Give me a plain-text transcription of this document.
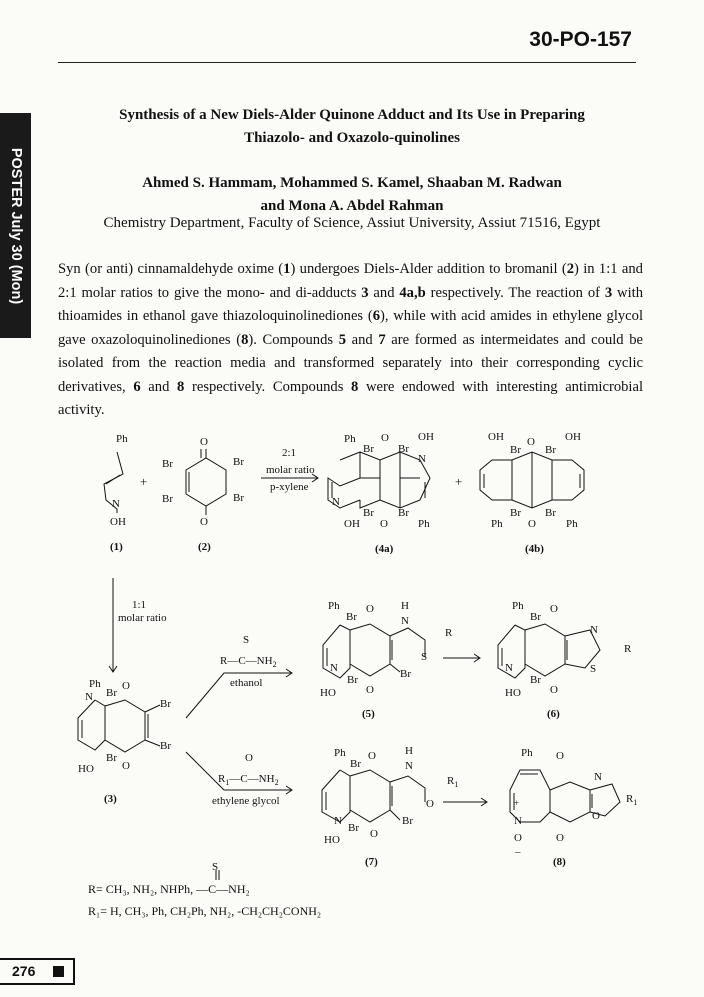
30-PO-157
POSTER July 30 (Mon)
Synthesis of a New Diels-Alder Quinone Adduct and Its Use in Preparing
Thiazolo- and Oxazolo-quinolines
Ahmed S. Hammam, Mohammed S. Kamel, Shaaban M. Radwan
and Mona A. Abdel Rahman
Chemistry Department, Faculty of Science, Assiut University, Assiut 71516, Egypt
Syn (or anti) cinnamaldehyde oxime (1) undergoes Diels-Alder addition to bromanil (2) in 1:1 and 2:1 molar ratios to give the mono- and di-adducts 3 and 4a,b respectively. The reaction of 3 with thioamides in ethanol gave thiazoloquinolinediones (6), while with acid amides in ethylene glycol gave oxazoloquinolinediones (8). Compounds 5 and 7 are formed as intermeidates and could be isolated from the reaction media and transformed separately into their corresponding cyclic derivatives, 6 and 8 respectively. Compounds 8 were endowed with interesting antimicrobial activity.
Ph
N
OH
+
(1)
O
O
Br	Br
Br	Br
(2)
2:1
molar ratio
p-xylene
Ph
Br
O
Br
OH
N
N
Br Br
OH O	Ph
(4a)
+
OH O	OH
Br Br
Br Br
Ph O	Ph
(4b)
1:1
molar ratio
Ph
N Br
O
Br
Br
Br
O
HO
(3)
S
$R—C—NH_2$
ethanol
O
$R_1—C—NH_2$
ethylene glycol
Ph
Br
O H
N
R
S
Br
N
Br
O
HO
(5)
Ph
Br
O
N
R
S
N
Br
O
HO
(6)
Ph
Br
O	H
N
$R_1$
O
Br
N
Br O
HO
(7)
Ph O
N
$R_1$
O
+
N
O
–
O
(8)
S
R= CH₃, NH₂, NHPh, —C—NH₂
R₁= H, CH₃, Ph, CH₂Ph, NH₂, -CH₂CH₂CONH₂
276
